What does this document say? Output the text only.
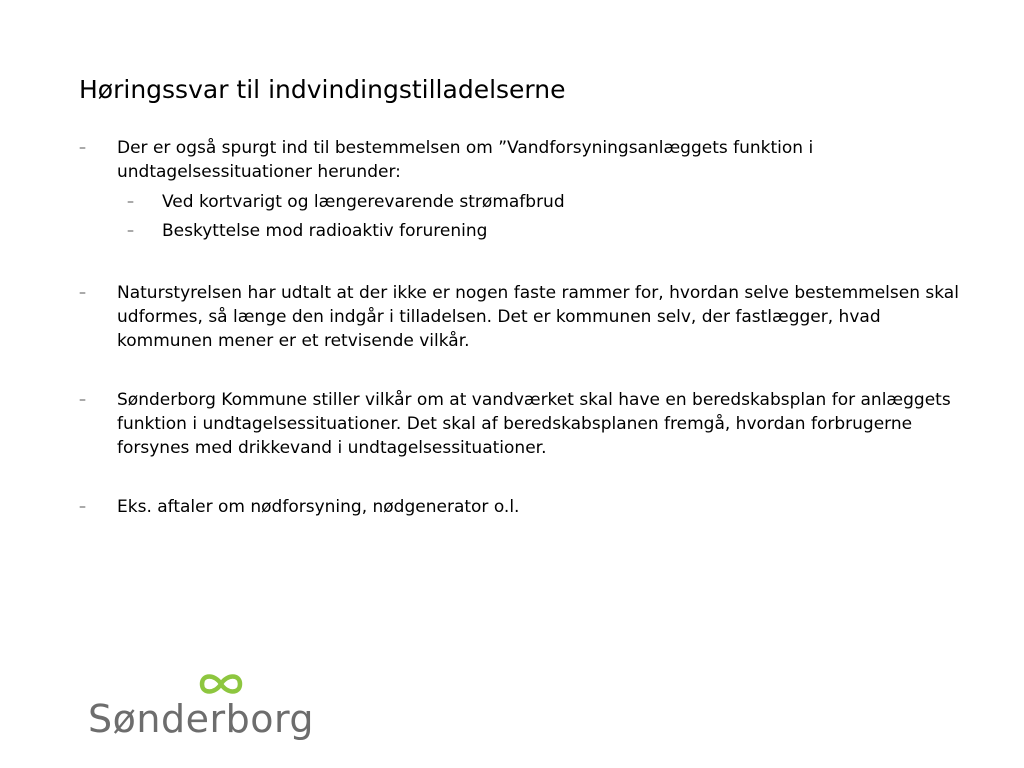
Høringssvar til indvindingstilladelserne
– Der er også spurgt ind til bestemmelsen om ”Vandforsyningsanlæggets funktion i undtagelsessituationer herunder:
– Ved kortvarigt og længerevarende strømafbrud
– Beskyttelse mod radioaktiv forurening
– Naturstyrelsen har udtalt at der ikke er nogen faste rammer for, hvordan selve bestemmelsen skal udformes, så længe den indgår i tilladelsen. Det er kommunen selv, der fastlægger, hvad kommunen mener er et retvisende vilkår.
– Sønderborg Kommune stiller vilkår om at vandværket skal have en beredskabsplan for anlæggets funktion i undtagelsessituationer. Det skal af beredskabsplanen fremgå, hvordan forbrugerne forsynes med drikkevand i undtagelsessituationer.
– Eks. aftaler om nødforsyning, nødgenerator o.l.
Sønderborg
